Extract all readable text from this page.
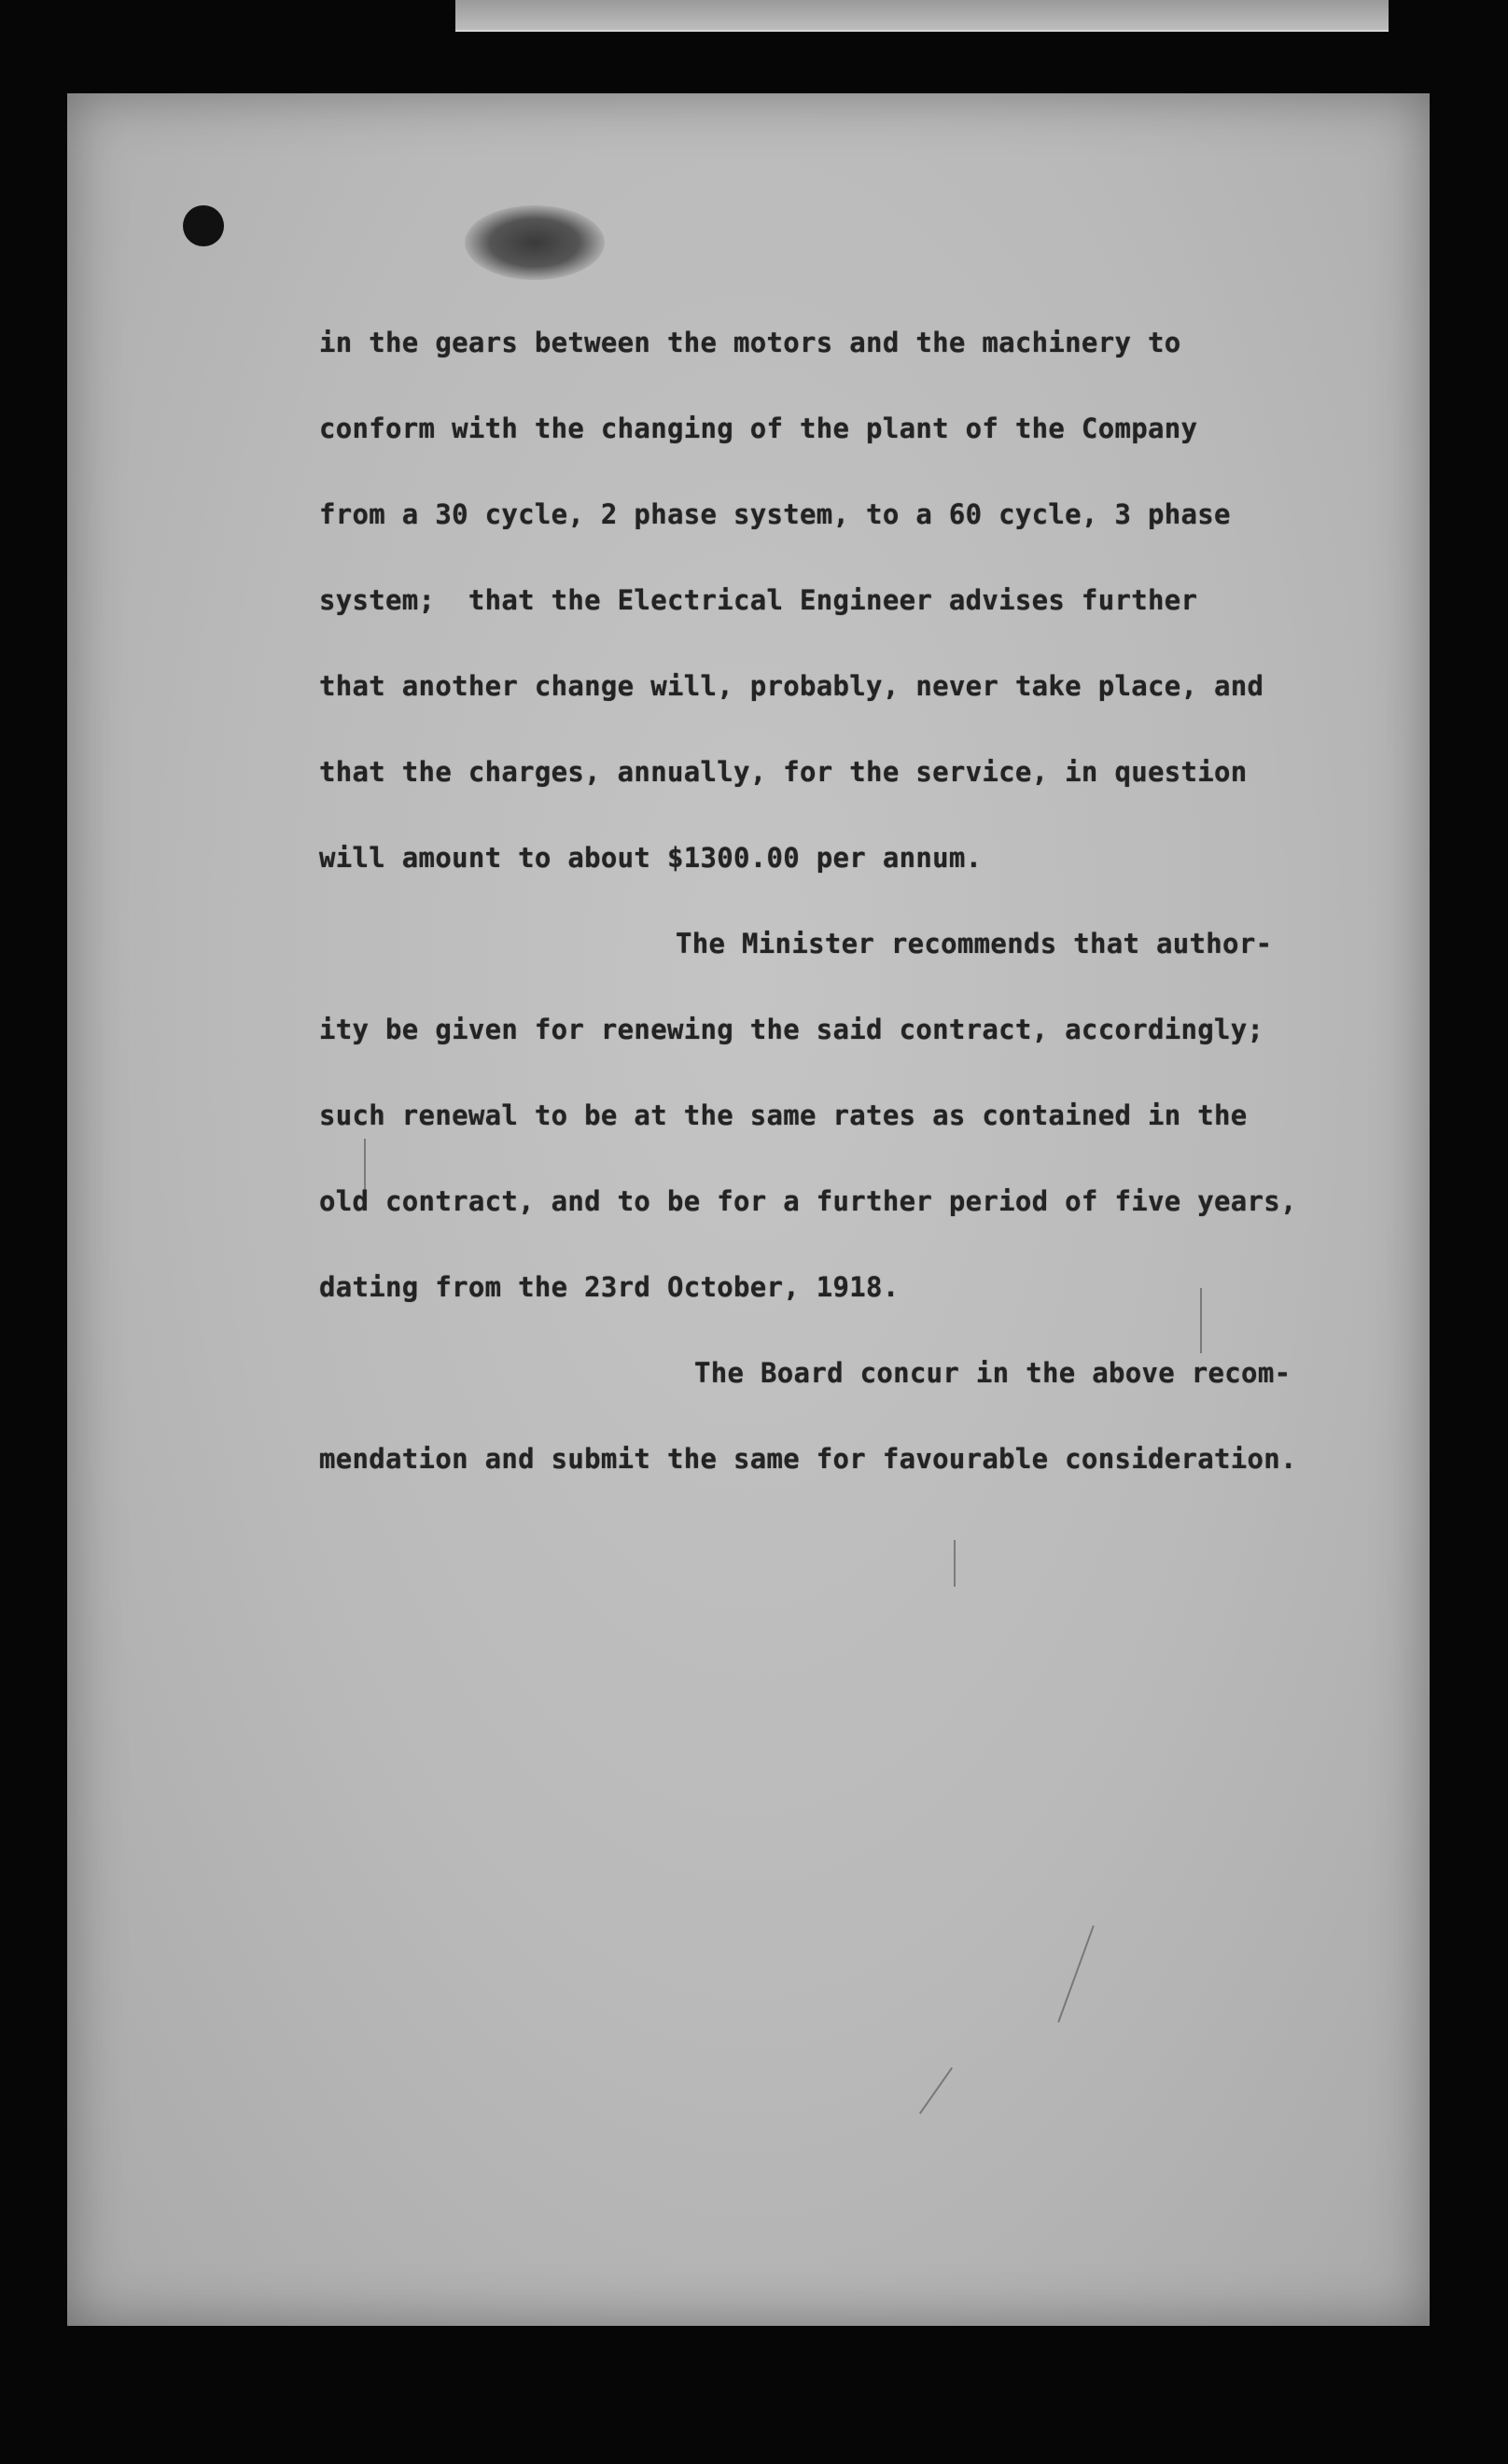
in the gears between the motors and the machinery to
conform with the changing of the plant of the Company
from a 30 cycle, 2 phase system, to a 60 cycle, 3 phase
system;  that the Electrical Engineer advises further
that another change will, probably, never take place, and
that the charges, annually, for the service, in question
will amount to about $1300.00 per annum.
The Minister recommends that author-
ity be given for renewing the said contract, accordingly;
such renewal to be at the same rates as contained in the
old contract, and to be for a further period of five years,
dating from the 23rd October, 1918.
The Board concur in the above recom-
mendation and submit the same for favourable consideration.
